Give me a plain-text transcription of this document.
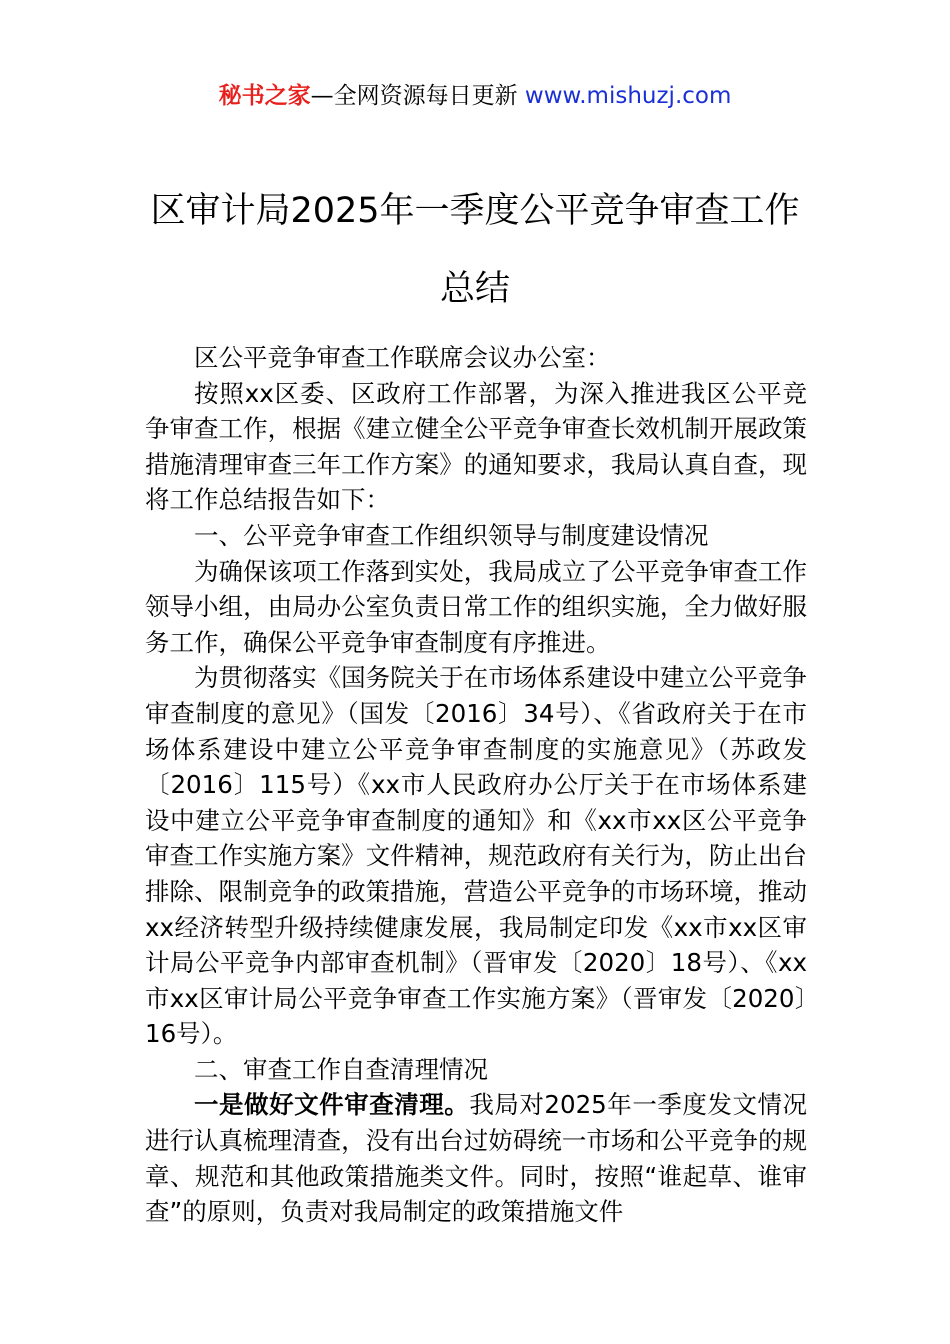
秘书之家—全网资源每日更新 www.mishuzj.com
区审计局2025年一季度公平竞争审查工作
总结

区公平竞争审查工作联席会议办公室：

按照xx区委、区政府工作部署，为深入推进我区公平竞争审查工作，根据《建立健全公平竞争审查长效机制开展政策措施清理审查三年工作方案》的通知要求，我局认真自查，现将工作总结报告如下：

一、公平竞争审查工作组织领导与制度建设情况

为确保该项工作落到实处，我局成立了公平竞争审查工作领导小组，由局办公室负责日常工作的组织实施，全力做好服务工作，确保公平竞争审查制度有序推进。

为贯彻落实《国务院关于在市场体系建设中建立公平竞争审查制度的意见》（国发〔2016〕34号）、《省政府关于在市场体系建设中建立公平竞争审查制度的实施意见》（苏政发〔2016〕115号）《xx市人民政府办公厅关于在市场体系建设中建立公平竞争审查制度的通知》和《xx市xx区公平竞争审查工作实施方案》文件精神，规范政府有关行为，防止出台排除、限制竞争的政策措施，营造公平竞争的市场环境，推动xx经济转型升级持续健康发展，我局制定印发《xx市xx区审计局公平竞争内部审查机制》（晋审发〔2020〕18号）、《xx市xx区审计局公平竞争审查工作实施方案》（晋审发〔2020〕16号）。

二、审查工作自查清理情况

一是做好文件审查清理。我局对2025年一季度发文情况进行认真梳理清查，没有出台过妨碍统一市场和公平竞争的规章、规范和其他政策措施类文件。同时，按照“谁起草、谁审查”的原则，负责对我局制定的政策措施文件
